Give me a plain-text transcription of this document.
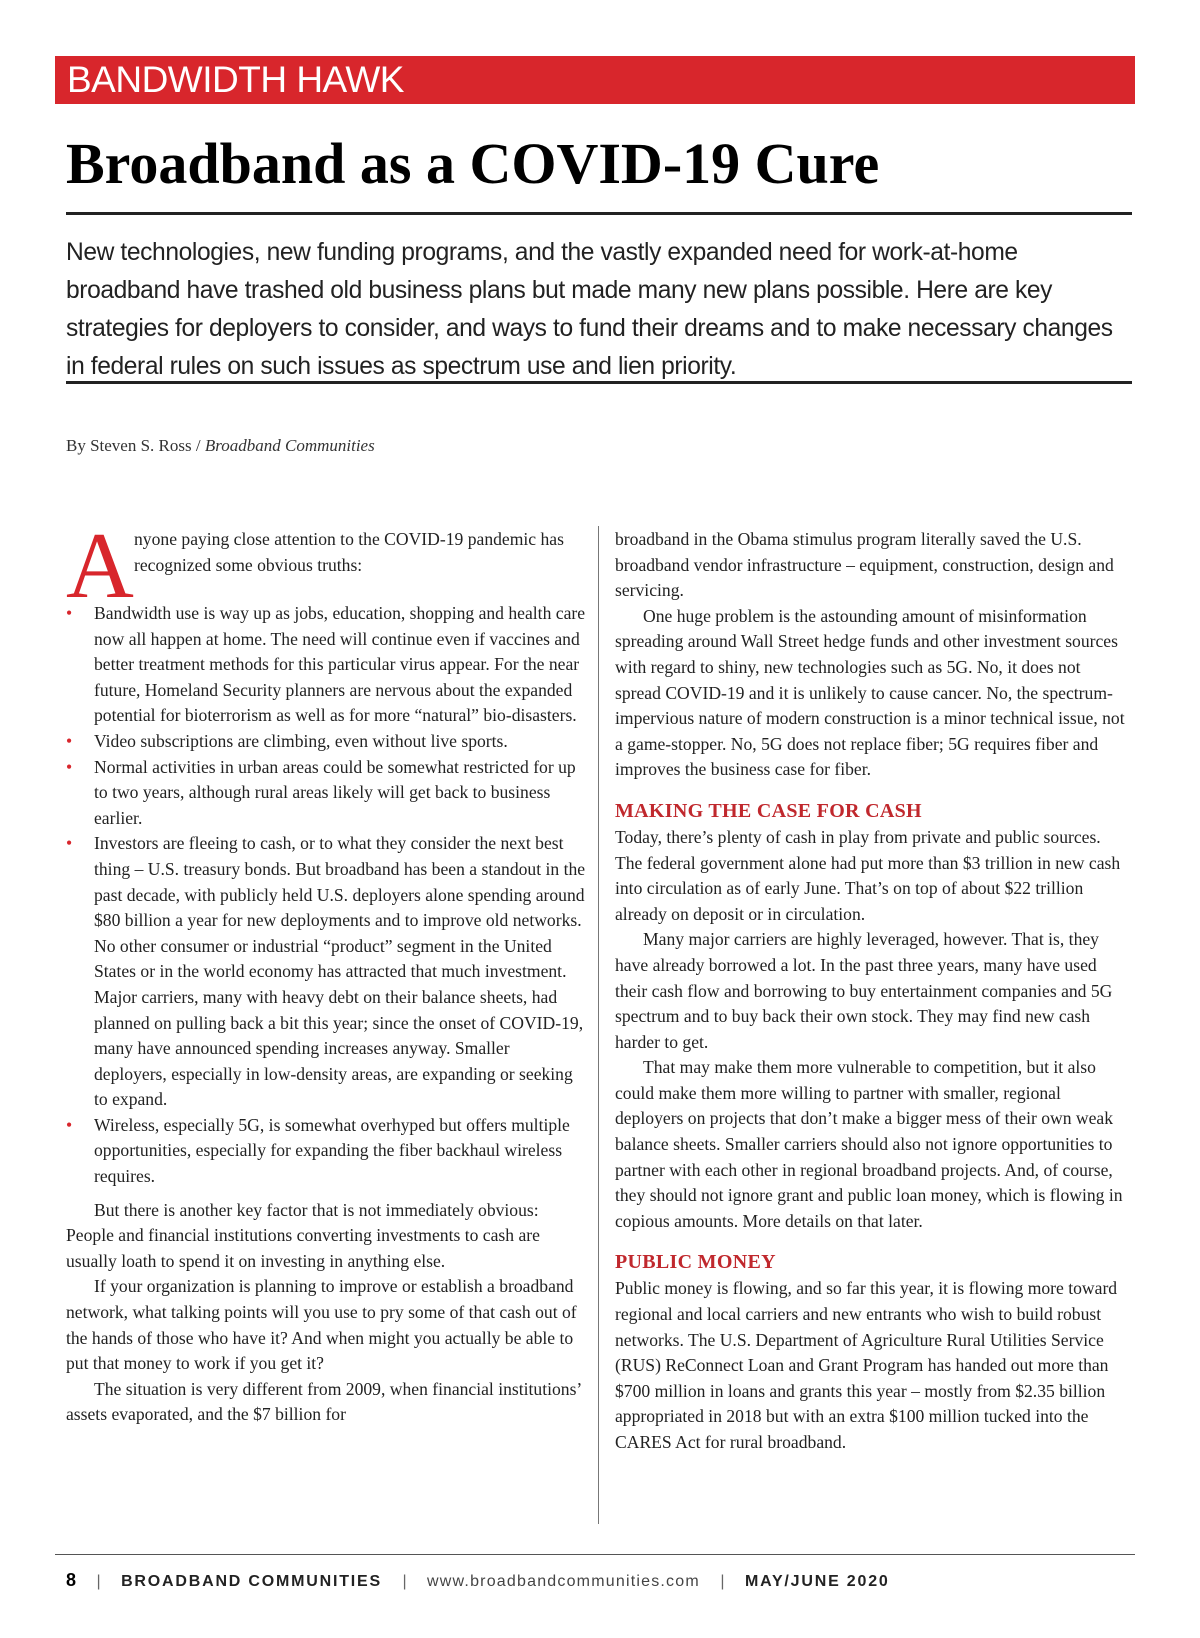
BANDWIDTH HAWK
Broadband as a COVID-19 Cure

New technologies, new funding programs, and the vastly expanded need for work-at-home broadband have trashed old business plans but made many new plans possible. Here are key strategies for deployers to consider, and ways to fund their dreams and to make necessary changes in federal rules on such issues as spectrum use and lien priority.

By Steven S. Ross / Broadband Communities
A nyone paying close attention to the COVID-19 pandemic has recognized some obvious truths:

• Bandwidth use is way up as jobs, education, shopping and health care now all happen at home. The need will continue even if vaccines and better treatment methods for this particular virus appear. For the near future, Homeland Security planners are nervous about the expanded potential for bioterrorism as well as for more “natural” bio-disasters.
• Video subscriptions are climbing, even without live sports.
• Normal activities in urban areas could be somewhat restricted for up to two years, although rural areas likely will get back to business earlier.
• Investors are fleeing to cash, or to what they consider the next best thing – U.S. treasury bonds. But broadband has been a standout in the past decade, with publicly held U.S. deployers alone spending around $80 billion a year for new deployments and to improve old networks. No other consumer or industrial “product” segment in the United States or in the world economy has attracted that much investment. Major carriers, many with heavy debt on their balance sheets, had planned on pulling back a bit this year; since the onset of COVID-19, many have announced spending increases anyway. Smaller deployers, especially in low-density areas, are expanding or seeking to expand.
• Wireless, especially 5G, is somewhat overhyped but offers multiple opportunities, especially for expanding the fiber backhaul wireless requires.

But there is another key factor that is not immediately obvious: People and financial institutions converting investments to cash are usually loath to spend it on investing in anything else.

If your organization is planning to improve or establish a broadband network, what talking points will you use to pry some of that cash out of the hands of those who have it? And when might you actually be able to put that money to work if you get it?

The situation is very different from 2009, when financial institutions’ assets evaporated, and the $7 billion for

broadband in the Obama stimulus program literally saved the U.S. broadband vendor infrastructure – equipment, construction, design and servicing.

One huge problem is the astounding amount of misinformation spreading around Wall Street hedge funds and other investment sources with regard to shiny, new technologies such as 5G. No, it does not spread COVID-19 and it is unlikely to cause cancer. No, the spectrum-impervious nature of modern construction is a minor technical issue, not a game-stopper. No, 5G does not replace fiber; 5G requires fiber and improves the business case for fiber.

MAKING THE CASE FOR CASH

Today, there’s plenty of cash in play from private and public sources. The federal government alone had put more than $3 trillion in new cash into circulation as of early June. That’s on top of about $22 trillion already on deposit or in circulation.

Many major carriers are highly leveraged, however. That is, they have already borrowed a lot. In the past three years, many have used their cash flow and borrowing to buy entertainment companies and 5G spectrum and to buy back their own stock. They may find new cash harder to get.

That may make them more vulnerable to competition, but it also could make them more willing to partner with smaller, regional deployers on projects that don’t make a bigger mess of their own weak balance sheets. Smaller carriers should also not ignore opportunities to partner with each other in regional broadband projects. And, of course, they should not ignore grant and public loan money, which is flowing in copious amounts. More details on that later.

PUBLIC MONEY

Public money is flowing, and so far this year, it is flowing more toward regional and local carriers and new entrants who wish to build robust networks. The U.S. Department of Agriculture Rural Utilities Service (RUS) ReConnect Loan and Grant Program has handed out more than $700 million in loans and grants this year – mostly from $2.35 billion appropriated in 2018 but with an extra $100 million tucked into the CARES Act for rural broadband.

8 | BROADBAND COMMUNITIES | www.broadbandcommunities.com | MAY/JUNE 2020
